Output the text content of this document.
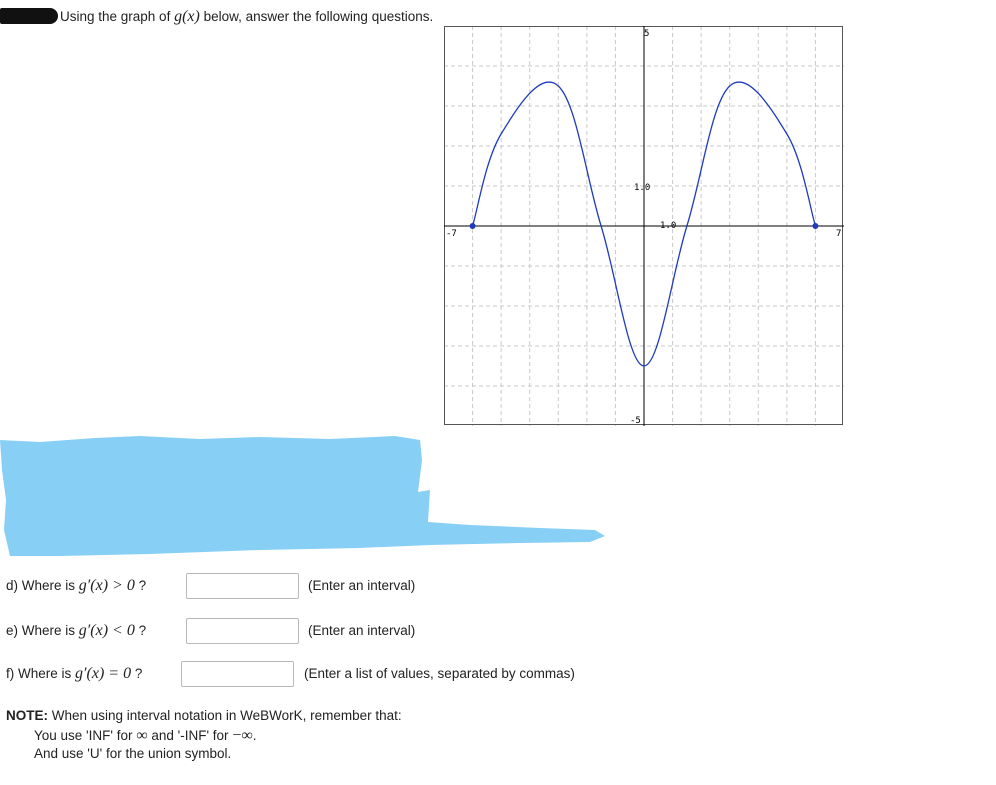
Using the graph of g(x) below, answer the following questions.
-7	7
5
-5
1.0
1.0
d) Where is g′(x) > 0 ?	(Enter an interval)
e) Where is g′(x) < 0 ?	(Enter an interval)
f) Where is g′(x) = 0 ?	(Enter a list of values, separated by commas)
NOTE: When using interval notation in WeBWorK, remember that:
You use 'INF' for ∞ and '-INF' for −∞.
And use 'U' for the union symbol.
